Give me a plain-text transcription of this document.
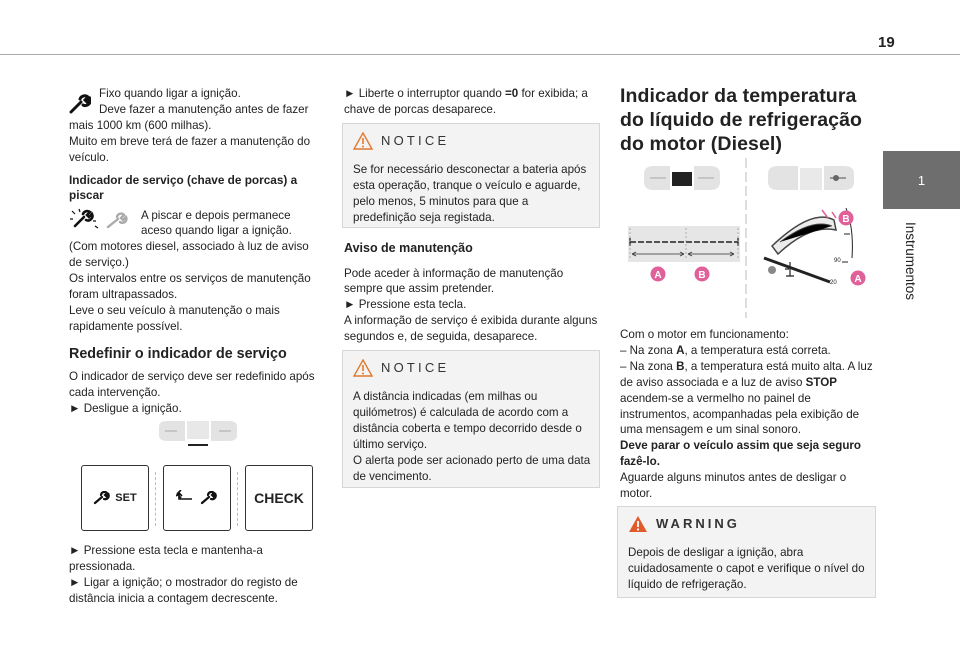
19
1
Instrumentos

Fixo quando ligar a ignição.

Deve fazer a manutenção antes de fazer

mais 1000 km (600 milhas).

Muito em breve terá de fazer a manutenção do veículo.

Indicador de serviço (chave de porcas) a piscar

A piscar e depois permanece

aceso quando ligar a ignição.

(Com motores diesel, associado à luz de aviso de serviço.)

Os intervalos entre os serviços de manutenção foram ultrapassados.

Leve o seu veículo à manutenção o mais rapidamente possível.

Redefinir o indicador de serviço

O indicador de serviço deve ser redefinido após cada intervenção.

► Desligue a ignição.

SET	CHECK

► Pressione esta tecla e mantenha-a pressionada.

► Ligar a ignição; o mostrador do registo de distância inicia a contagem decrescente.

► Liberte o interruptor quando =0 for exibida; a chave de porcas desaparece.

NOTICE

Se for necessário desconectar a bateria após esta operação, tranque o veículo e aguarde, pelo menos, 5 minutos para que a predefinição seja registada.

Aviso de manutenção

Pode aceder à informação de manutenção sempre que assim pretender.

► Pressione esta tecla.

A informação de serviço é exibida durante alguns segundos e, de seguida, desaparece.

NOTICE

A distância indicadas (em milhas ou quilómetros) é calculada de acordo com a distância coberta e tempo decorrido desde o último serviço.

O alerta pode ser acionado perto de uma data de vencimento.

Indicador da temperatura do líquido de refrigeração do motor (Diesel)

90
20
A	B
B
A

Com o motor em funcionamento:

– Na zona A, a temperatura está correta.

– Na zona B, a temperatura está muito alta. A luz de aviso associada e a luz de aviso STOP acendem-se a vermelho no painel de instrumentos, acompanhadas pela exibição de uma mensagem e um sinal sonoro.

Deve parar o veículo assim que seja seguro fazê-lo.

Aguarde alguns minutos antes de desligar o motor.

WARNING

Depois de desligar a ignição, abra cuidadosamente o capot e verifique o nível do líquido de refrigeração.
